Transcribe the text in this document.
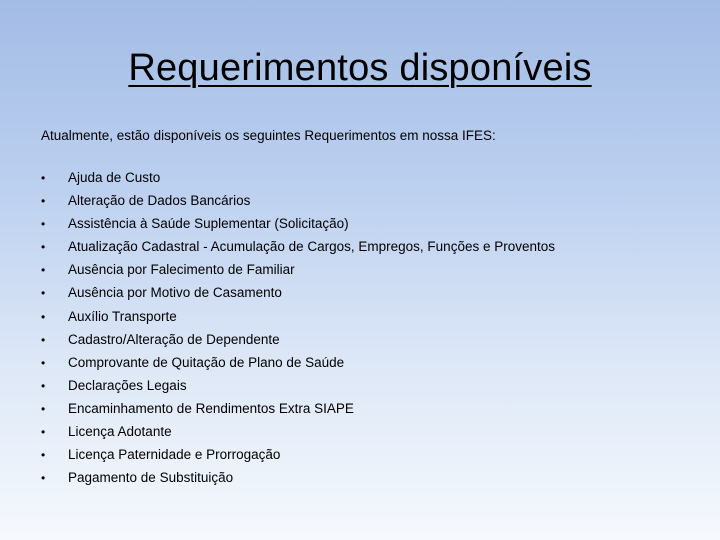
Requerimentos disponíveis
Atualmente, estão disponíveis os seguintes Requerimentos em nossa IFES:
• Ajuda de Custo
• Alteração de Dados Bancários
• Assistência à Saúde Suplementar (Solicitação)
• Atualização Cadastral - Acumulação de Cargos, Empregos, Funções e Proventos
• Ausência por Falecimento de Familiar
• Ausência por Motivo de Casamento
• Auxílio Transporte
• Cadastro/Alteração de Dependente
• Comprovante de Quitação de Plano de Saúde
• Declarações Legais
• Encaminhamento de Rendimentos Extra SIAPE
• Licença Adotante
• Licença Paternidade e Prorrogação
• Pagamento de Substituição
